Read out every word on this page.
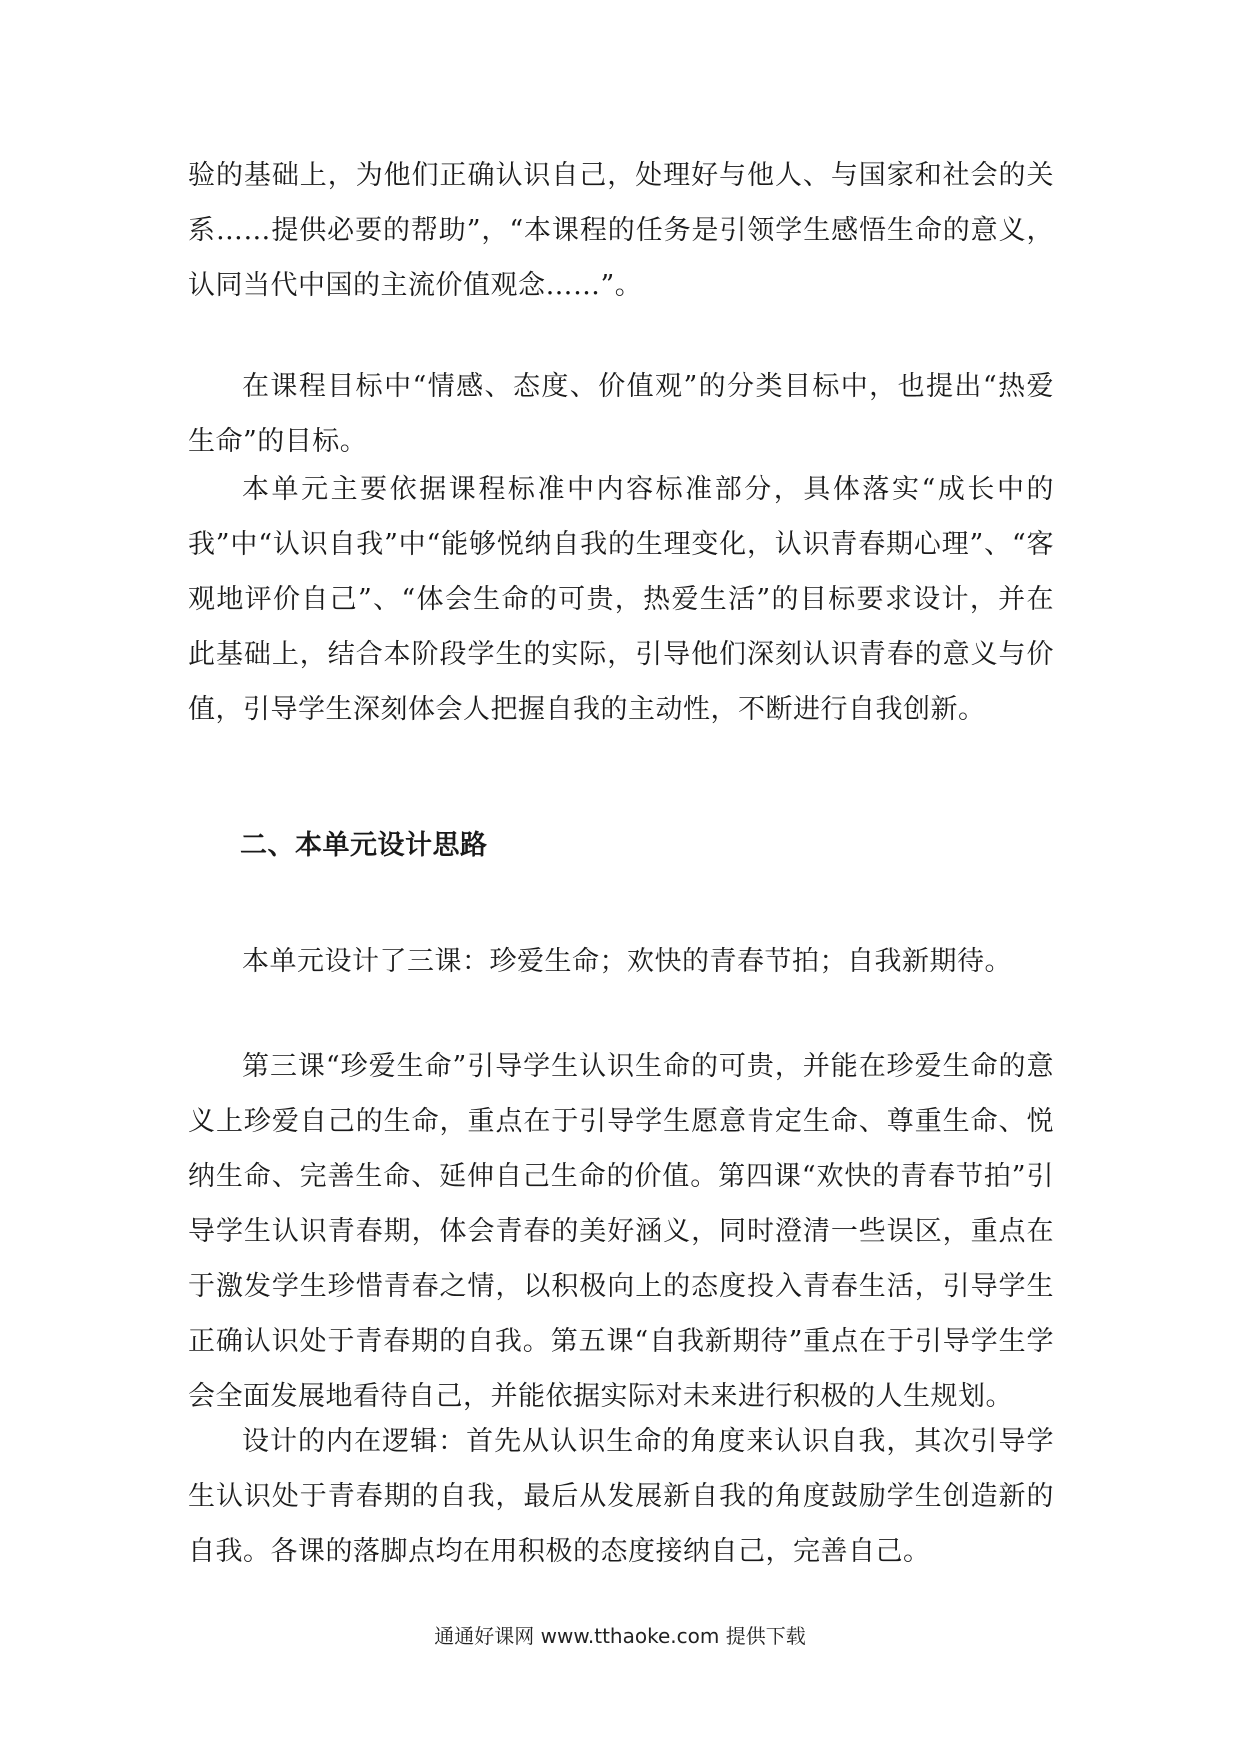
验的基础上，为他们正确认识自己，处理好与他人、与国家和社会的关系……提供必要的帮助”，“本课程的任务是引领学生感悟生命的意义，认同当代中国的主流价值观念……”。

在课程目标中“情感、态度、价值观”的分类目标中，也提出“热爱生命”的目标。

本单元主要依据课程标准中内容标准部分，具体落实“成长中的我”中“认识自我”中“能够悦纳自我的生理变化，认识青春期心理”、“客观地评价自己”、“体会生命的可贵，热爱生活”的目标要求设计，并在此基础上，结合本阶段学生的实际，引导他们深刻认识青春的意义与价值，引导学生深刻体会人把握自我的主动性，不断进行自我创新。

二、本单元设计思路

本单元设计了三课：珍爱生命；欢快的青春节拍；自我新期待。

第三课“珍爱生命”引导学生认识生命的可贵，并能在珍爱生命的意义上珍爱自己的生命，重点在于引导学生愿意肯定生命、尊重生命、悦纳生命、完善生命、延伸自己生命的价值。第四课“欢快的青春节拍”引导学生认识青春期，体会青春的美好涵义，同时澄清一些误区，重点在于激发学生珍惜青春之情，以积极向上的态度投入青春生活，引导学生正确认识处于青春期的自我。第五课“自我新期待”重点在于引导学生学会全面发展地看待自己，并能依据实际对未来进行积极的人生规划。

设计的内在逻辑：首先从认识生命的角度来认识自我，其次引导学生认识处于青春期的自我，最后从发展新自我的角度鼓励学生创造新的自我。各课的落脚点均在用积极的态度接纳自己，完善自己。

通通好课网 www.tthaoke.com 提供下载
